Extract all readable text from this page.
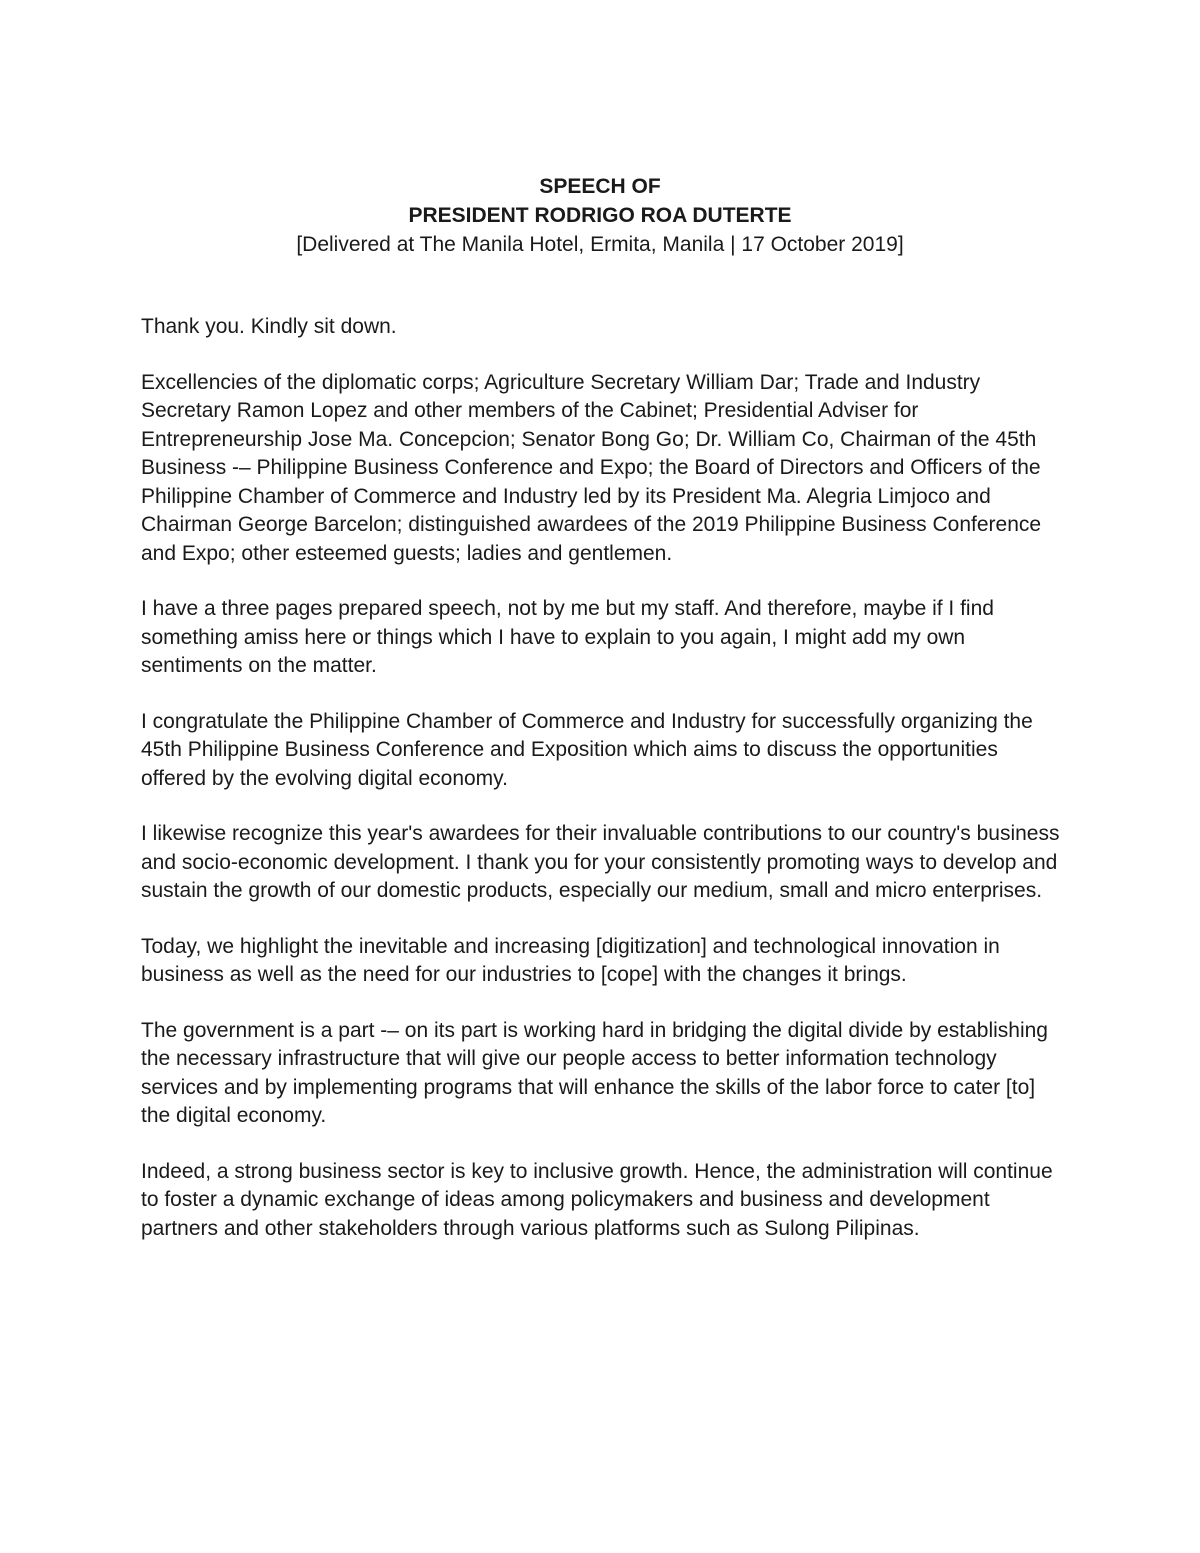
SPEECH OF
PRESIDENT RODRIGO ROA DUTERTE
[Delivered at The Manila Hotel, Ermita, Manila | 17 October 2019]

Thank you. Kindly sit down.

Excellencies of the diplomatic corps; Agriculture Secretary William Dar; Trade and Industry Secretary Ramon Lopez and other members of the Cabinet; Presidential Adviser for Entrepreneurship Jose Ma. Concepcion; Senator Bong Go; Dr. William Co, Chairman of the 45th Business -– Philippine Business Conference and Expo; the Board of Directors and Officers of the Philippine Chamber of Commerce and Industry led by its President Ma. Alegria Limjoco and Chairman George Barcelon; distinguished awardees of the 2019 Philippine Business Conference and Expo; other esteemed guests; ladies and gentlemen.

I have a three pages prepared speech, not by me but my staff. And therefore, maybe if I find something amiss here or things which I have to explain to you again, I might add my own sentiments on the matter.

I congratulate the Philippine Chamber of Commerce and Industry for successfully organizing the 45th Philippine Business Conference and Exposition which aims to discuss the opportunities offered by the evolving digital economy.

I likewise recognize this year's awardees for their invaluable contributions to our country's business and socio-economic development. I thank you for your consistently promoting ways to develop and sustain the growth of our domestic products, especially our medium, small and micro enterprises.

Today, we highlight the inevitable and increasing [digitization] and technological innovation in business as well as the need for our industries to [cope] with the changes it brings.

The government is a part -– on its part is working hard in bridging the digital divide by establishing the necessary infrastructure that will give our people access to better information technology services and by implementing programs that will enhance the skills of the labor force to cater [to] the digital economy.

Indeed, a strong business sector is key to inclusive growth. Hence, the administration will continue to foster a dynamic exchange of ideas among policymakers and business and development partners and other stakeholders through various platforms such as Sulong Pilipinas.
